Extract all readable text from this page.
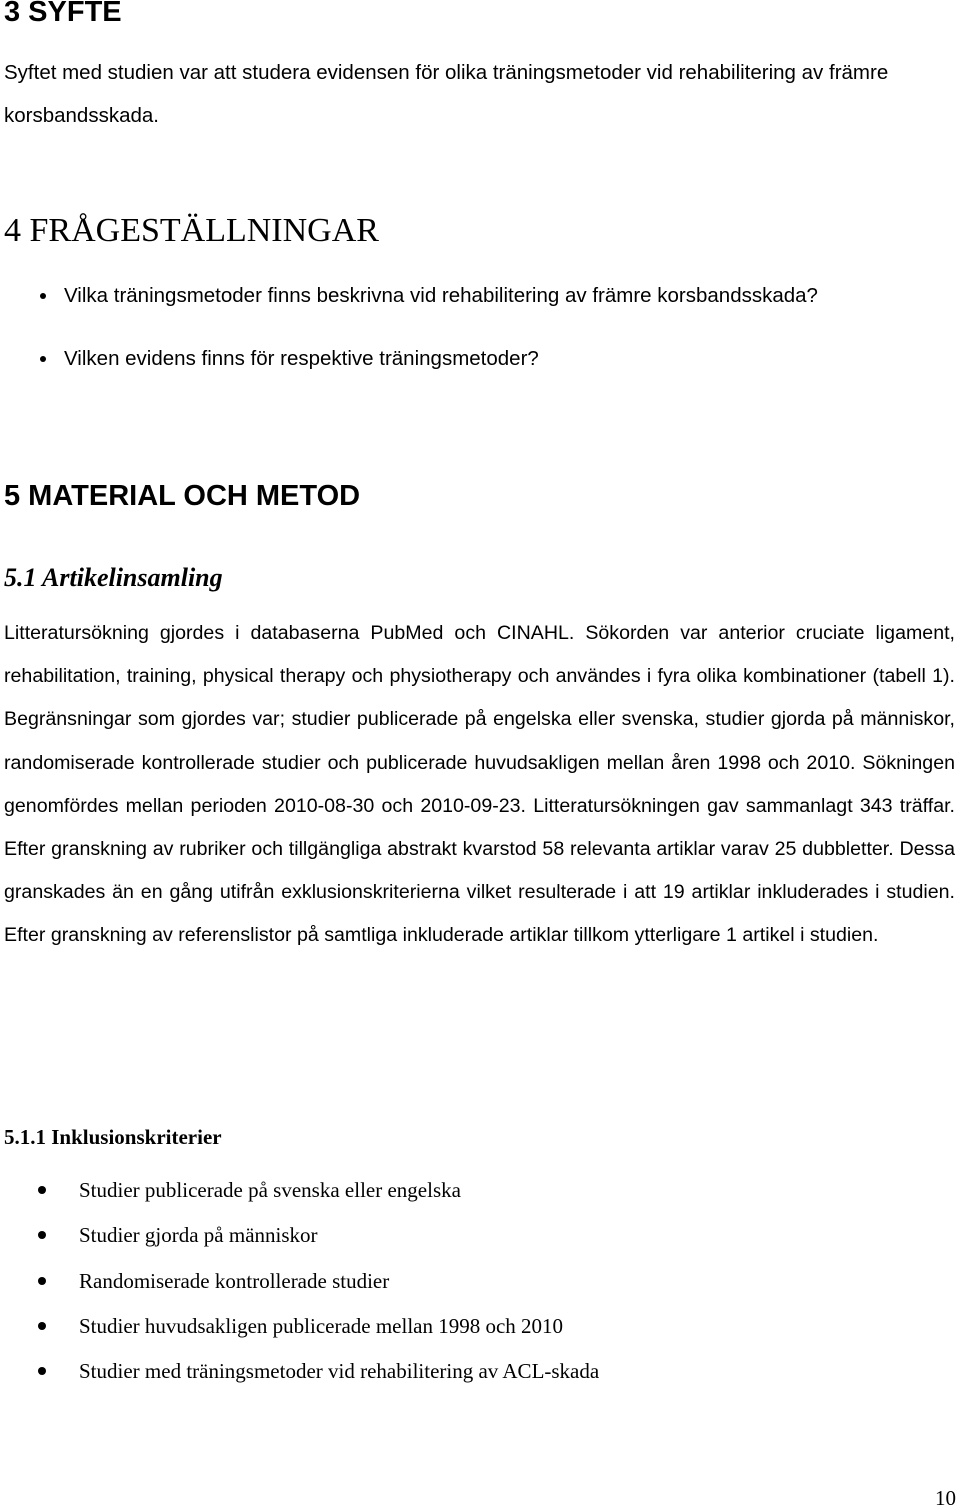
3 SYFTE

Syftet med studien var att studera evidensen för olika träningsmetoder vid rehabilitering av främre korsbandsskada.

4 FRÅGESTÄLLNINGAR
Vilka träningsmetoder finns beskrivna vid rehabilitering av främre korsbandsskada?
Vilken evidens finns för respektive träningsmetoder?
5 MATERIAL OCH METOD
5.1 Artikelinsamling

Litteratursökning gjordes i databaserna PubMed och CINAHL. Sökorden var anterior cruciate ligament, rehabilitation, training, physical therapy och physiotherapy och användes i fyra olika kombinationer (tabell 1). Begränsningar som gjordes var; studier publicerade på engelska eller svenska, studier gjorda på människor, randomiserade kontrollerade studier och publicerade huvudsakligen mellan åren 1998 och 2010. Sökningen genomfördes mellan perioden 2010-08-30 och 2010-09-23. Litteratursökningen gav sammanlagt 343 träffar. Efter granskning av rubriker och tillgängliga abstrakt kvarstod 58 relevanta artiklar varav 25 dubbletter. Dessa granskades än en gång utifrån exklusionskriterierna vilket resulterade i att 19 artiklar inkluderades i studien. Efter granskning av referenslistor på samtliga inkluderade artiklar tillkom ytterligare 1 artikel i studien.

5.1.1 Inklusionskriterier
Studier publicerade på svenska eller engelska
Studier gjorda på människor
Randomiserade kontrollerade studier
Studier huvudsakligen publicerade mellan 1998 och 2010
Studier med träningsmetoder vid rehabilitering av ACL-skada
10
